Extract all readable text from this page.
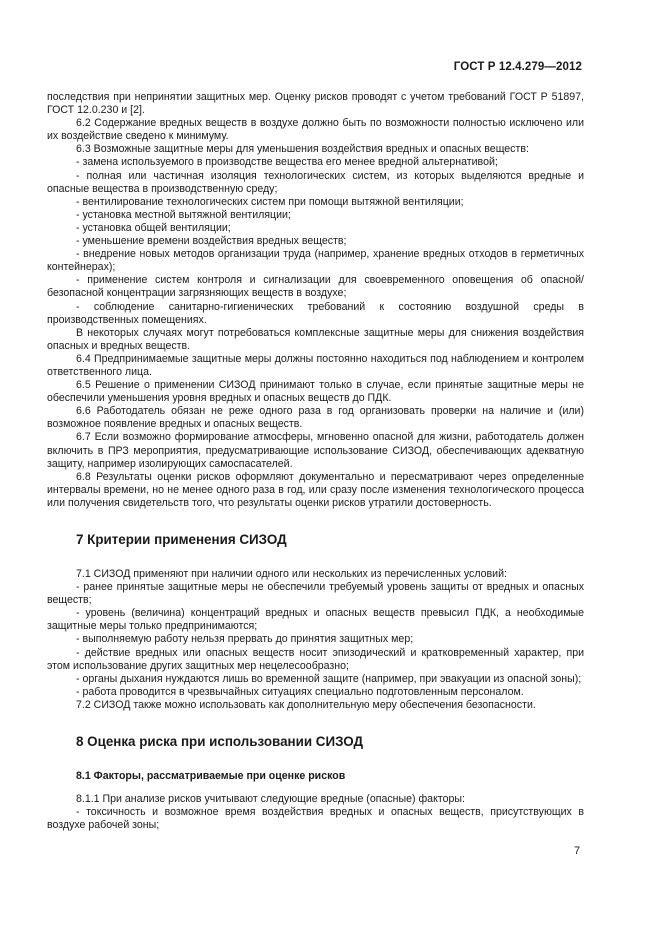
ГОСТ Р 12.4.279—2012

последствия при непринятии защитных мер. Оценку рисков проводят с учетом требований ГОСТ Р 51897, ГОСТ 12.0.230 и [2].

6.2 Содержание вредных веществ в воздухе должно быть по возможности полностью исключено или их воздействие сведено к минимуму.

6.3 Возможные защитные меры для уменьшения воздействия вредных и опасных веществ:

- замена используемого в производстве вещества его менее вредной альтернативой;

- полная или частичная изоляция технологических систем, из которых выделяются вредные и опасные вещества в производственную среду;

- вентилирование технологических систем при помощи вытяжной вентиляции;

- установка местной вытяжной вентиляции;

- установка общей вентиляции;

- уменьшение времени воздействия вредных веществ;

- внедрение новых методов организации труда (например, хранение вредных отходов в герметичных контейнерах);

- применение систем контроля и сигнализации для своевременного оповещения об опасной/безопасной концентрации загрязняющих веществ в воздухе;

- соблюдение санитарно-гигиенических требований к состоянию воздушной среды в производственных помещениях.

В некоторых случаях могут потребоваться комплексные защитные меры для снижения воздействия опасных и вредных веществ.

6.4 Предпринимаемые защитные меры должны постоянно находиться под наблюдением и контролем ответственного лица.

6.5 Решение о применении СИЗОД принимают только в случае, если принятые защитные меры не обеспечили уменьшения уровня вредных и опасных веществ до ПДК.

6.6 Работодатель обязан не реже одного раза в год организовать проверки на наличие и (или) возможное появление вредных и опасных веществ.

6.7 Если возможно формирование атмосферы, мгновенно опасной для жизни, работодатель должен включить в ПРЗ мероприятия, предусматривающие использование СИЗОД, обеспечивающих адекватную защиту, например изолирующих самоспасателей.

6.8 Результаты оценки рисков оформляют документально и пересматривают через определенные интервалы времени, но не менее одного раза в год, или сразу после изменения технологического процесса или получения свидетельств того, что результаты оценки рисков утратили достоверность.

7 Критерии применения СИЗОД

7.1 СИЗОД применяют при наличии одного или нескольких из перечисленных условий:

- ранее принятые защитные меры не обеспечили требуемый уровень защиты от вредных и опасных веществ;

- уровень (величина) концентраций вредных и опасных веществ превысил ПДК, а необходимые защитные меры только предпринимаются;

- выполняемую работу нельзя прервать до принятия защитных мер;

- действие вредных или опасных веществ носит эпизодический и кратковременный характер, при этом использование других защитных мер нецелесообразно;

- органы дыхания нуждаются лишь во временной защите (например, при эвакуации из опасной зоны);

- работа проводится в чрезвычайных ситуациях специально подготовленным персоналом.

7.2 СИЗОД также можно использовать как дополнительную меру обеспечения безопасности.

8 Оценка риска при использовании СИЗОД
8.1 Факторы, рассматриваемые при оценке рисков

8.1.1 При анализе рисков учитывают следующие вредные (опасные) факторы:

- токсичность и возможное время воздействия вредных и опасных веществ, присутствующих в воздухе рабочей зоны;

7
